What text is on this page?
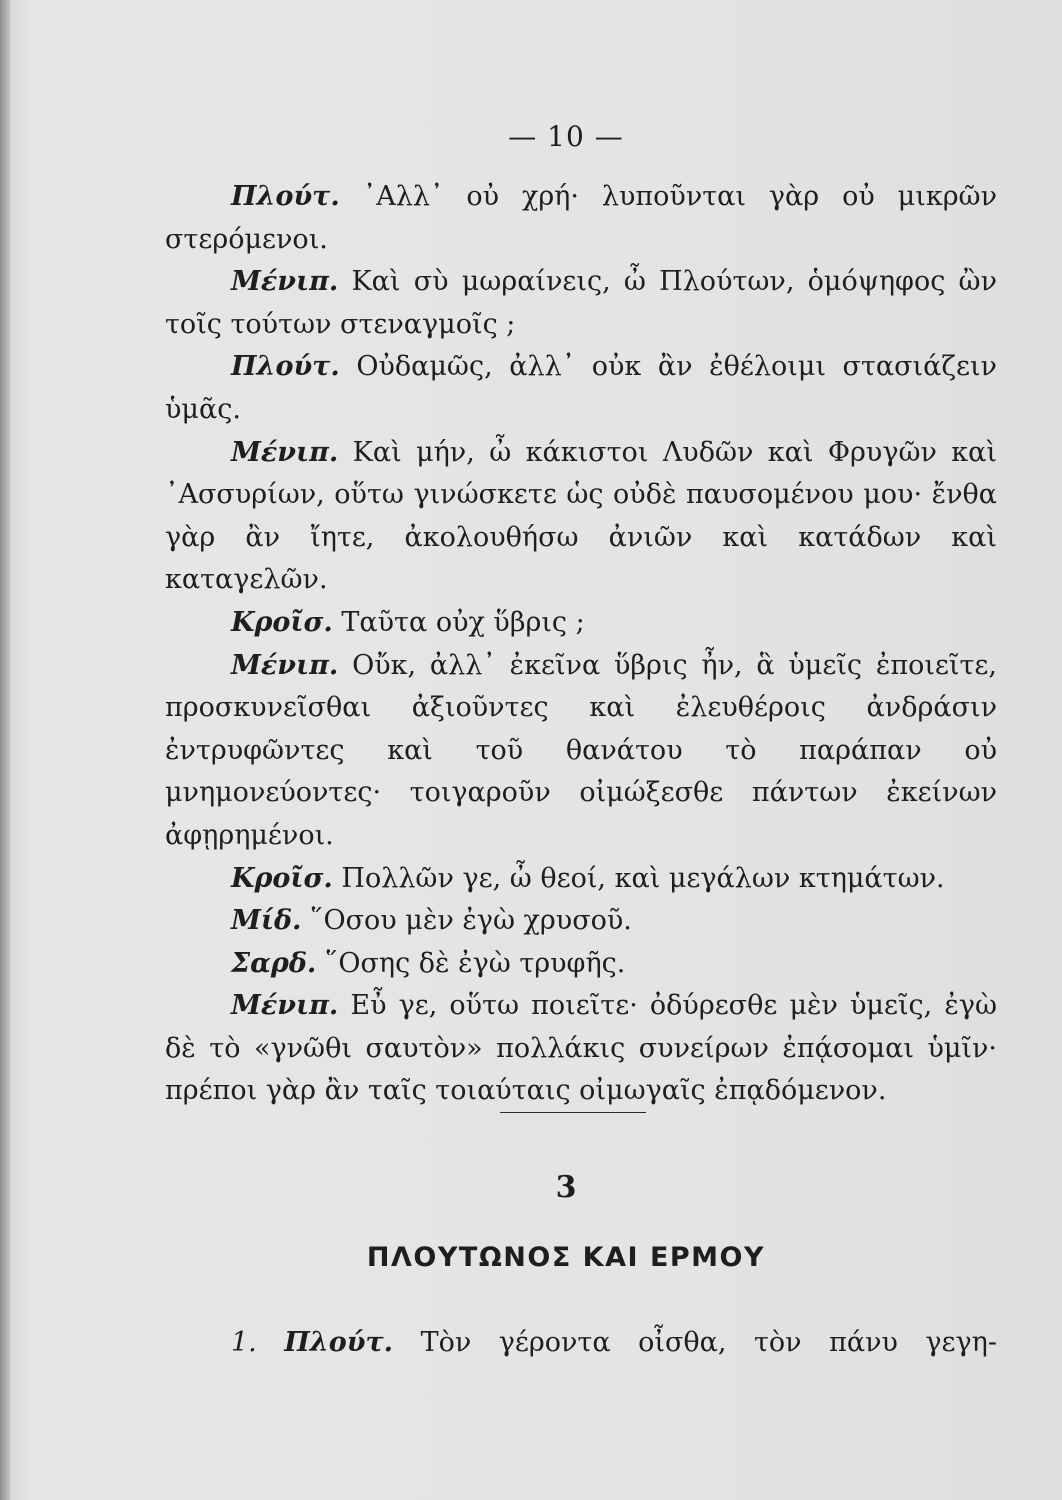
— 10 —

Πλούτ. ᾿Αλλ᾿ οὐ χρή· λυποῦνται γὰρ οὐ μικρῶν στερόμενοι.

Μένιπ. Καὶ σὺ μωραίνεις, ὦ Πλούτων, ὁμόψηφος ὢν τοῖς τούτων στεναγμοῖς ;

Πλούτ. Οὐδαμῶς, ἀλλ᾿ οὐκ ἂν ἐθέλοιμι στασιάζειν ὑμᾶς.

Μένιπ. Καὶ μήν, ὦ κάκιστοι Λυδῶν καὶ Φρυγῶν καὶ ᾿Ασσυρίων, οὕτω γινώσκετε ὡς οὐδὲ παυσομένου μου· ἔνθα γὰρ ἂν ἴητε, ἀκολουθήσω ἀνιῶν καὶ κατάδων καὶ καταγελῶν.

Κροῖσ. Ταῦτα οὐχ ὕβρις ;

Μένιπ. Οὔκ, ἀλλ᾿ ἐκεῖνα ὕβρις ἦν, ἃ ὑμεῖς ἐποιεῖτε, προσκυνεῖσθαι ἀξιοῦντες καὶ ἐλευθέροις ἀνδράσιν ἐντρυφῶντες καὶ τοῦ θανάτου τὸ παράπαν οὐ μνημονεύοντες· τοιγαροῦν οἰμώξεσθε πάντων ἐκείνων ἀφῃρημένοι.

Κροῖσ. Πολλῶν γε, ὦ θεοί, καὶ μεγάλων κτημάτων.

Μίδ. ῞Οσου μὲν ἐγὼ χρυσοῦ.

Σαρδ. ῞Οσης δὲ ἐγὼ τρυφῆς.

Μένιπ. Εὖ γε, οὕτω ποιεῖτε· ὀδύρεσθε μὲν ὑμεῖς, ἐγὼ δὲ τὸ «γνῶθι σαυτὸν» πολλάκις συνείρων ἐπᾴσομαι ὑμῖν· πρέποι γὰρ ἂν ταῖς τοιαύταις οἰμωγαῖς ἐπᾳδόμενον.

3
ΠΛΟΥΤΩΝΟΣ ΚΑΙ ΕΡΜΟΥ

1. Πλούτ. Τὸν γέροντα οἶσθα, τὸν πάνυ γεγη-
